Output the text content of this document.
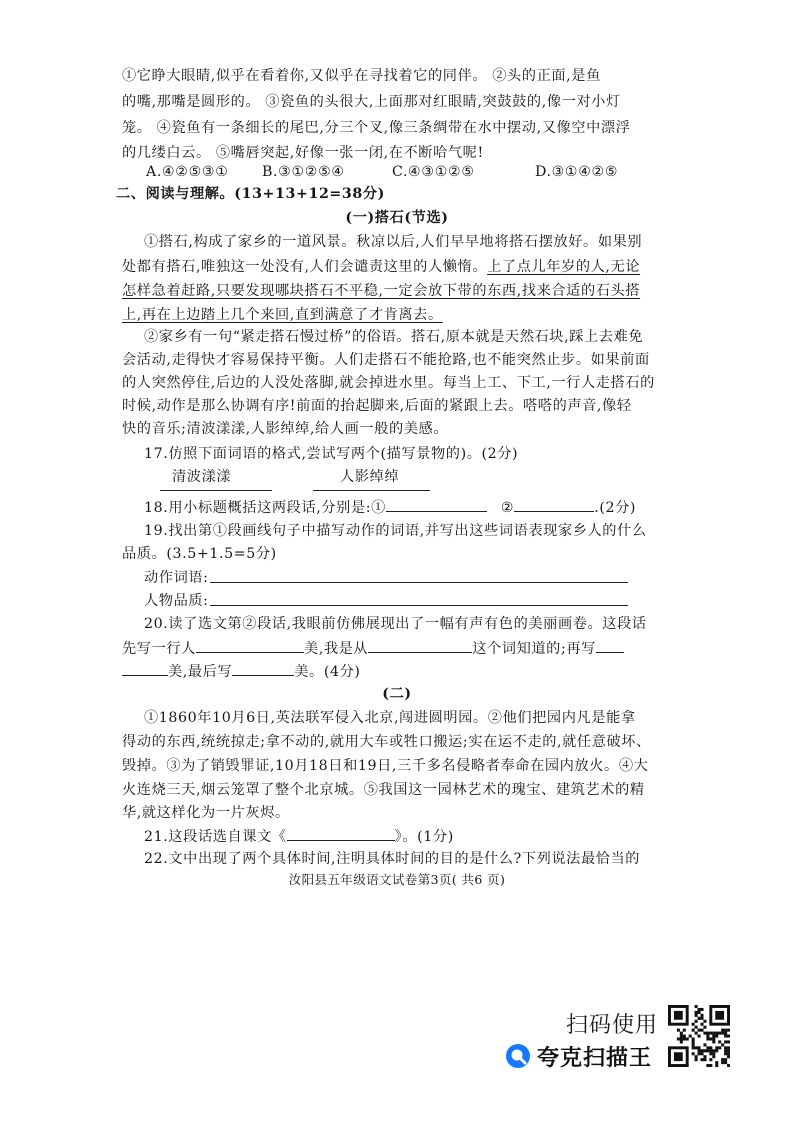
①它睁大眼睛,似乎在看着你,又似乎在寻找着它的同伴。 ②头的正面,是鱼
的嘴,那嘴是圆形的。 ③瓷鱼的头很大,上面那对红眼睛,突鼓鼓的,像一对小灯
笼。 ④瓷鱼有一条细长的尾巴,分三个叉,像三条绸带在水中摆动,又像空中漂浮
的几缕白云。 ⑤嘴唇突起,好像一张一闭,在不断哈气呢!
A.④②⑤③① B.③①②⑤④	C.④③①②⑤	D.③①④②⑤
二、阅读与理解。(13+13+12=38分)
(一)搭石(节选)
①搭石,构成了家乡的一道风景。秋凉以后,人们早早地将搭石摆放好。如果别
处都有搭石,唯独这一处没有,人们会谴责这里的人懒惰。上了点儿年岁的人,无论
怎样急着赶路,只要发现哪块搭石不平稳,一定会放下带的东西,找来合适的石头搭
上,再在上边踏上几个来回,直到满意了才肯离去。
②家乡有一句“紧走搭石慢过桥”的俗语。搭石,原本就是天然石块,踩上去难免
会活动,走得快才容易保持平衡。人们走搭石不能抢路,也不能突然止步。如果前面
的人突然停住,后边的人没处落脚,就会掉进水里。每当上工、下工,一行人走搭石的
时候,动作是那么协调有序!前面的抬起脚来,后面的紧跟上去。嗒嗒的声音,像轻
快的音乐;清波漾漾,人影绰绰,给人画一般的美感。
17.仿照下面词语的格式,尝试写两个(描写景物的)。(2分)
清波漾漾	人影绰绰
18.用小标题概括这两段话,分别是:①	②	.(2分)
19.找出第①段画线句子中描写动作的词语,并写出这些词语表现家乡人的什么
品质。(3.5+1.5=5分)
动作词语:
人物品质:
20.读了选文第②段话,我眼前仿佛展现出了一幅有声有色的美丽画卷。这段话
先写一行人	美,我是从	这个词知道的;再写
美,最后写	美。(4分)
(二)
①1860年10月6日,英法联军侵入北京,闯进圆明园。②他们把园内凡是能拿
得动的东西,统统掠走;拿不动的,就用大车或牲口搬运;实在运不走的,就任意破坏、
毁掉。③为了销毁罪证,10月18日和19日,三千多名侵略者奉命在园内放火。④大
火连烧三天,烟云笼罩了整个北京城。⑤我国这一园林艺术的瑰宝、建筑艺术的精
华,就这样化为一片灰烬。
21.这段话选自课文《	》。(1分)
22.文中出现了两个具体时间,注明具体时间的目的是什么?下列说法最恰当的
汝阳县五年级语文试卷第3页( 共6 页)
扫码使用
夸克扫描王
